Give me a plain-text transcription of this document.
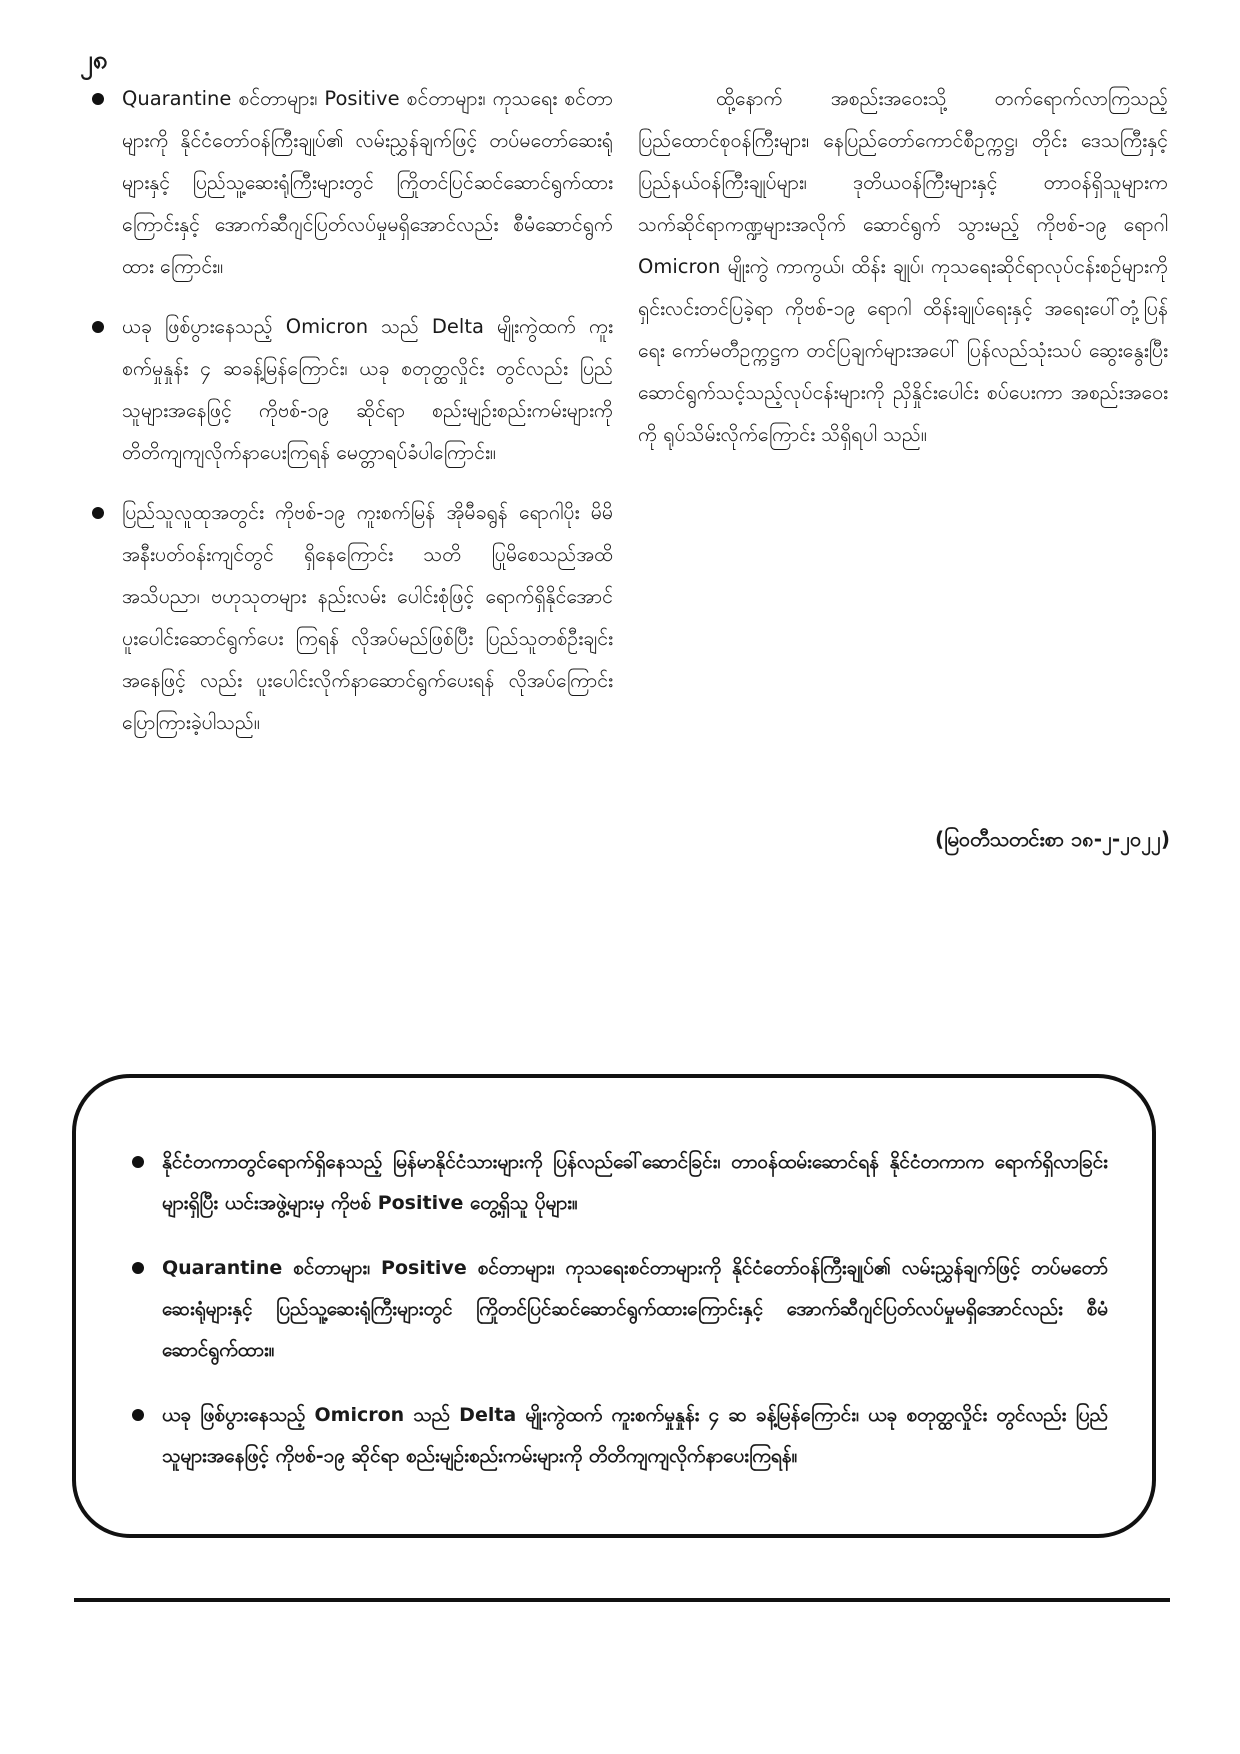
၂၈
Quarantine စင်တာများ၊ Positive စင်တာများ၊ ကုသရေး စင်တာများကို နိုင်ငံတော်ဝန်ကြီးချုပ်၏ လမ်းညွှန်ချက်ဖြင့် တပ်မတော်ဆေးရုံများနှင့် ပြည်သူ့ဆေးရုံကြီးများတွင် ကြိုတင်ပြင်ဆင်ဆောင်ရွက်ထားကြောင်းနှင့် အောက်ဆီဂျင်ပြတ်လပ်မှုမရှိအောင်လည်း စီမံဆောင်ရွက်ထား ကြောင်း။
ယခု ဖြစ်ပွားနေသည့် Omicron သည် Delta မျိုးကွဲထက် ကူးစက်မှုနှုန်း ၄ ဆခန့်မြန်ကြောင်း၊ ယခု စတုတ္ထလှိုင်း တွင်လည်း ပြည်သူများအနေဖြင့် ကိုဗစ်-၁၉ ဆိုင်ရာ စည်းမျဉ်းစည်းကမ်းများကို တိတိကျကျလိုက်နာပေးကြရန် မေတ္တာရပ်ခံပါကြောင်း။
ပြည်သူလူထုအတွင်း ကိုဗစ်-၁၉ ကူးစက်မြန် အိုမီခရွန် ရောဂါပိုး မိမိအနီးပတ်ဝန်းကျင်တွင် ရှိနေကြောင်း သတိ ပြုမိစေသည်အထိ အသိပညာ၊ ဗဟုသုတများ နည်းလမ်း ပေါင်းစုံဖြင့် ရောက်ရှိနိုင်အောင် ပူးပေါင်းဆောင်ရွက်ပေး ကြရန် လိုအပ်မည်ဖြစ်ပြီး ပြည်သူတစ်ဦးချင်းအနေဖြင့် လည်း ပူးပေါင်းလိုက်နာဆောင်ရွက်ပေးရန် လိုအပ်ကြောင်း ပြောကြားခဲ့ပါသည်။

ထို့နောက် အစည်းအဝေးသို့ တက်ရောက်လာကြသည့် ပြည်ထောင်စုဝန်ကြီးများ၊ နေပြည်တော်ကောင်စီဥက္ကဋ္ဌ၊ တိုင်း ဒေသကြီးနှင့်ပြည်နယ်ဝန်ကြီးချုပ်များ၊ ဒုတိယဝန်ကြီးများနှင့် တာဝန်ရှိသူများက သက်ဆိုင်ရာကဏ္ဍများအလိုက် ဆောင်ရွက် သွားမည့် ကိုဗစ်-၁၉ ရောဂါ Omicron မျိုးကွဲ ကာကွယ်၊ ထိန်း ချုပ်၊ ကုသရေးဆိုင်ရာလုပ်ငန်းစဉ်များကို ရှင်းလင်းတင်ပြခဲ့ရာ ကိုဗစ်-၁၉ ရောဂါ ထိန်းချုပ်ရေးနှင့် အရေးပေါ်တုံ့ပြန်ရေး ကော်မတီဥက္ကဋ္ဌက တင်ပြချက်များအပေါ် ပြန်လည်သုံးသပ် ဆွေးနွေးပြီး ဆောင်ရွက်သင့်သည့်လုပ်ငန်းများကို ညှိနှိုင်းပေါင်း စပ်ပေးကာ အစည်းအဝေးကို ရုပ်သိမ်းလိုက်ကြောင်း သိရှိရပါ သည်။

(မြဝတီသတင်းစာ ၁၈-၂-၂၀၂၂)
နိုင်ငံတကာတွင်ရောက်ရှိနေသည့် မြန်မာနိုင်ငံသားများကို ပြန်လည်ခေါ်ဆောင်ခြင်း၊ တာဝန်ထမ်းဆောင်ရန် နိုင်ငံတကာက ရောက်ရှိလာခြင်းများရှိပြီး ယင်းအဖွဲ့များမှ ကိုဗစ် Positive တွေ့ရှိသူ ပိုများ။
Quarantine စင်တာများ၊ Positive စင်တာများ၊ ကုသရေးစင်တာများကို နိုင်ငံတော်ဝန်ကြီးချုပ်၏ လမ်းညွှန်ချက်ဖြင့် တပ်မတော်ဆေးရုံများနှင့် ပြည်သူ့ဆေးရုံကြီးများတွင် ကြိုတင်ပြင်ဆင်ဆောင်ရွက်ထားကြောင်းနှင့် အောက်ဆီဂျင်ပြတ်လပ်မှုမရှိအောင်လည်း စီမံဆောင်ရွက်ထား။
ယခု ဖြစ်ပွားနေသည့် Omicron သည် Delta မျိုးကွဲထက် ကူးစက်မှုနှုန်း ၄ ဆ ခန့်မြန်ကြောင်း၊ ယခု စတုတ္ထလှိုင်း တွင်လည်း ပြည်သူများအနေဖြင့် ကိုဗစ်-၁၉ ဆိုင်ရာ စည်းမျဉ်းစည်းကမ်းများကို တိတိကျကျလိုက်နာပေးကြရန်။
